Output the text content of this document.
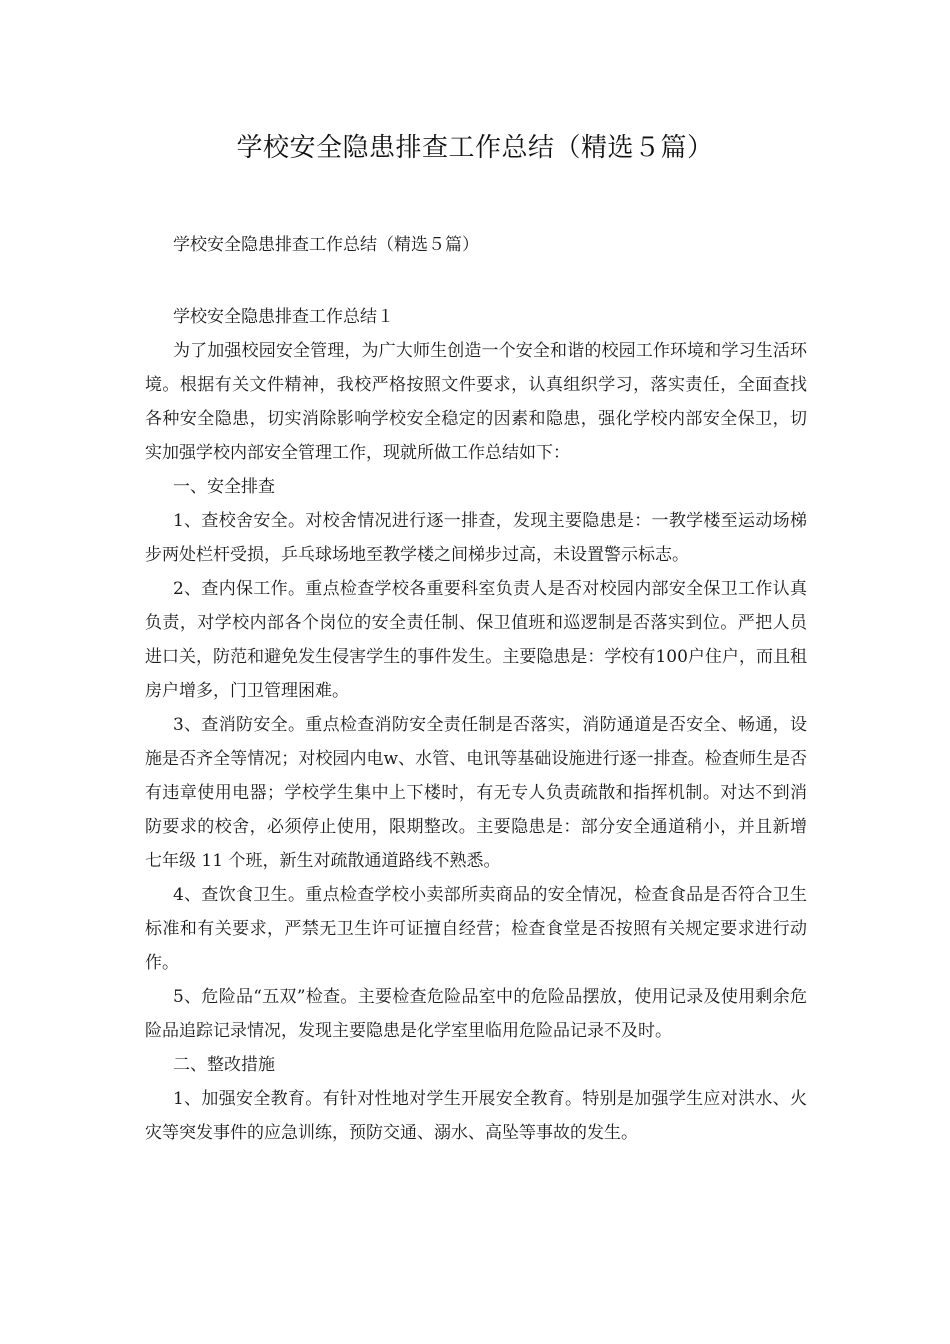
学校安全隐患排查工作总结（精选５篇）
学校安全隐患排查工作总结（精选５篇）

学校安全隐患排查工作总结１

为了加强校园安全管理，为广大师生创造一个安全和谐的校园工作环境和学习生活环境。根据有关文件精神，我校严格按照文件要求，认真组织学习，落实责任，全面查找各种安全隐患，切实消除影响学校安全稳定的因素和隐患，强化学校内部安全保卫，切实加强学校内部安全管理工作，现就所做工作总结如下：

一、安全排查

1、查校舍安全。对校舍情况进行逐一排查，发现主要隐患是：一教学楼至运动场梯步两处栏杆受损，乒乓球场地至教学楼之间梯步过高，未设置警示标志。

2、查内保工作。重点检查学校各重要科室负责人是否对校园内部安全保卫工作认真负责，对学校内部各个岗位的安全责任制、保卫值班和巡逻制是否落实到位。严把人员进口关，防范和避免发生侵害学生的事件发生。主要隐患是：学校有100户住户，而且租房户增多，门卫管理困难。

3、查消防安全。重点检查消防安全责任制是否落实，消防通道是否安全、畅通，设施是否齐全等情况；对校园内电w、水管、电讯等基础设施进行逐一排查。检查师生是否有违章使用电器；学校学生集中上下楼时，有无专人负责疏散和指挥机制。对达不到消防要求的校舍，必须停止使用，限期整改。主要隐患是：部分安全通道稍小，并且新增七年级 11 个班，新生对疏散通道路线不熟悉。

4、查饮食卫生。重点检查学校小卖部所卖商品的安全情况，检查食品是否符合卫生标准和有关要求，严禁无卫生许可证擅自经营；检查食堂是否按照有关规定要求进行动作。

5、危险品“五双”检查。主要检查危险品室中的危险品摆放，使用记录及使用剩余危险品追踪记录情况，发现主要隐患是化学室里临用危险品记录不及时。

二、整改措施

1、加强安全教育。有针对性地对学生开展安全教育。特别是加强学生应对洪水、火灾等突发事件的应急训练，预防交通、溺水、高坠等事故的发生。
